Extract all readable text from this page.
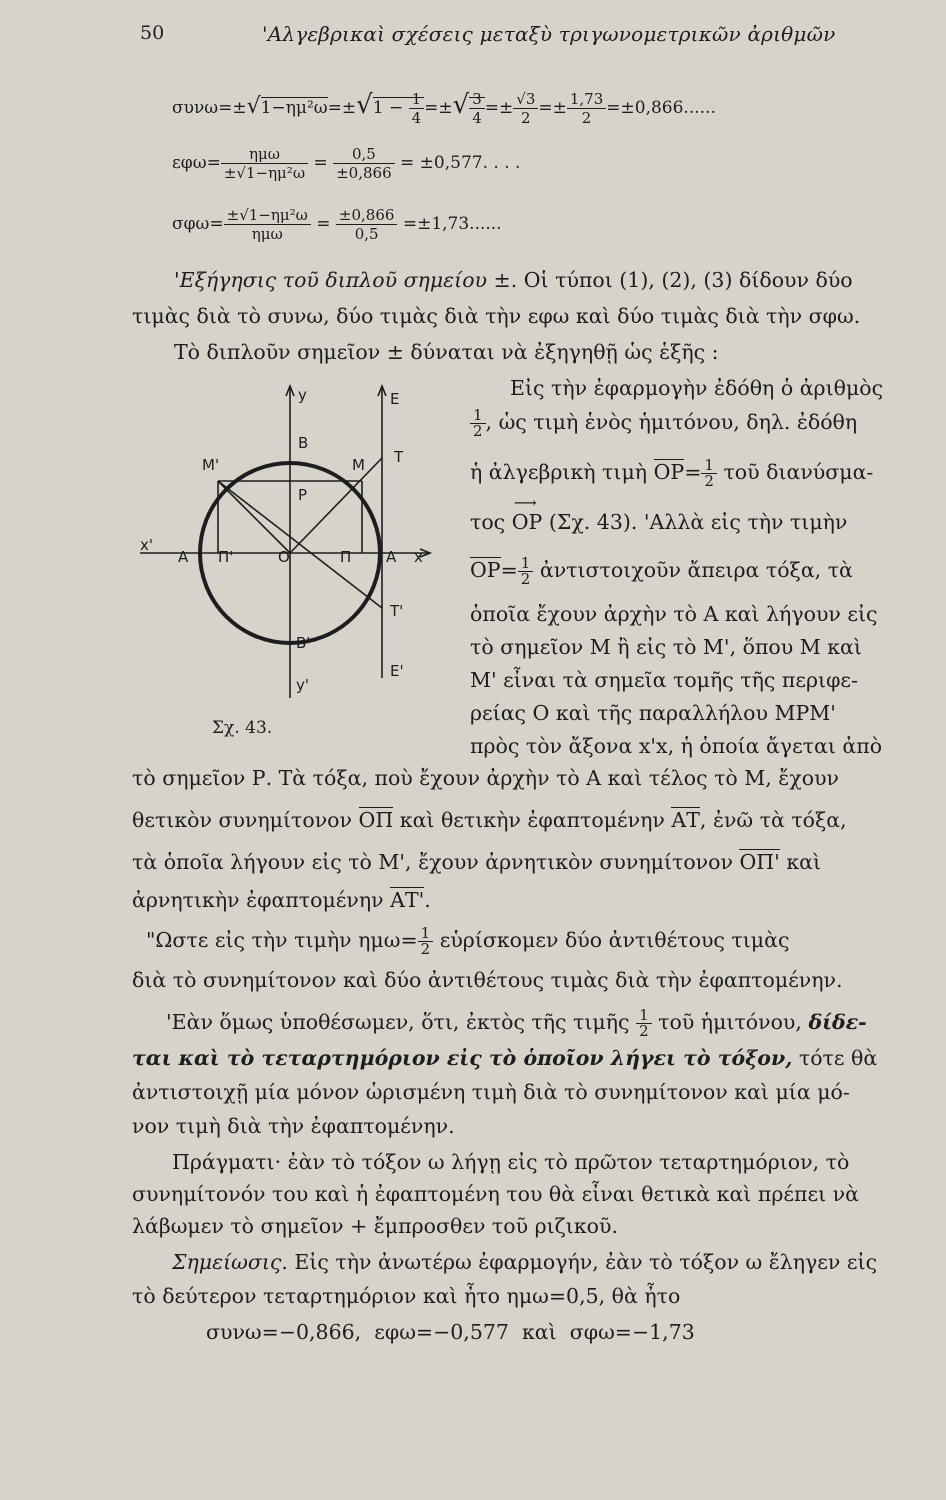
50	'Αλγεβρικαὶ σχέσεις μεταξὺ τριγωνομετρικῶν ἀριθμῶν
$\sigma\upsilon\nu\omega=\pm√1-\eta\mu^2\omega=\pm√1 - \frac{1}{4}$ =±√ $\frac{3}{4} =\pm \frac{√3}{2} =\pm \frac{1,73}{2} =\pm 0,866$......
εφω=	ημω
$\pm√1-\eta\mu^2\omega = \frac{0,5}{\pm 0,866} = \pm 0,577$. . . .
σφω= ±√1−ημ²ω
ημω	= $\frac{\pm 0,866}{0,5} =\pm 1,73$......
'Εξήγησις τοῦ διπλοῦ σημείου ±. Οἱ τύποι (1), (2), (3) δίδουν δύο
τιμὰς διὰ τὸ συνω, δύο τιμὰς διὰ τὴν εφω καὶ δύο τιμὰς διὰ τὴν σφω.
Τὸ διπλοῦν σημεῖον ± δύναται νὰ ἐξηγηθῇ ὡς ἑξῆς :
Εἰς τὴν ἐφαρμογὴν ἐδόθη ὁ ἀριθμὸς
$\frac{1}{2}$ , ὡς τιμὴ ἑνὸς ἡμιτόνου, δηλ. ἐδόθη
ἡ ἀλγεβρικὴ τιμὴ $OP= \frac{1}{2}$ τοῦ διανύσμα-
τος
⟶
OP (Σχ. 43). 'Αλλὰ εἰς τὴν τιμὴν
$OP= \frac{1}{2}$ ἀντιστοιχοῦν ἄπειρα τόξα, τὰ
ὁποῖα ἔχουν ἀρχὴν τὸ Α καὶ λήγουν εἰς
τὸ σημεῖον Μ ἢ εἰς τὸ Μ', ὅπου Μ καὶ
Μ' εἶναι τὰ σημεῖα τομῆς τῆς περιφε-
ρείας Ο καὶ τῆς παραλλήλου ΜΡΜ'
πρὸς τὸν ἄξονα x'x, ἡ ὁποία ἄγεται ἀπὸ
y	E
B
M'	M T
P
x'
A Π'	O	Π A x
T'
B'
E'
y'
Σχ. 43.
τὸ σημεῖον Ρ. Τὰ τόξα, ποὺ ἔχουν ἀρχὴν τὸ Α καὶ τέλος τὸ Μ, ἔχουν
θετικὸν συνημίτονον ΟΠ καὶ θετικὴν ἐφαπτομένην ΑΤ, ἐνῶ τὰ τόξα,
τὰ ὁποῖα λήγουν εἰς τὸ Μ', ἔχουν ἀρνητικὸν συνημίτονον ΟΠ' καὶ
ἀρνητικὴν ἐφαπτομένην ΑΤ'.
"Ωστε εἰς τὴν τιμὴν $\eta\mu\omega= \frac{1}{2}$ εὑρίσκομεν δύο ἀντιθέτους τιμὰς
διὰ τὸ συνημίτονον καὶ δύο ἀντιθέτους τιμὰς διὰ τὴν ἐφαπτομένην.
'Εὰν ὅμως ὑποθέσωμεν, ὅτι, ἐκτὸς τῆς τιμῆς $\frac{1}{2}$ τοῦ ἡμιτόνου, δίδε-
ται καὶ τὸ τεταρτημόριον εἰς τὸ ὁποῖον λήγει τὸ τόξον, τότε θὰ
ἀντιστοιχῇ μία μόνον ὡρισμένη τιμὴ διὰ τὸ συνημίτονον καὶ μία μό-
νον τιμὴ διὰ τὴν ἐφαπτομένην.
Πράγματι· ἐὰν τὸ τόξον ω λήγῃ εἰς τὸ πρῶτον τεταρτημόριον, τὸ
συνημίτονόν του καὶ ἡ ἐφαπτομένη του θὰ εἶναι θετικὰ καὶ πρέπει νὰ
λάβωμεν τὸ σημεῖον + ἔμπροσθεν τοῦ ριζικοῦ.
Σημείωσις. Εἰς τὴν ἀνωτέρω ἐφαρμογήν, ἐὰν τὸ τόξον ω ἔληγεν εἰς
τὸ δεύτερον τεταρτημόριον καὶ ἦτο ημω=0,5, θὰ ἦτο
συνω=−0,866,  εφω=−0,577  καὶ  σφω=−1,73
